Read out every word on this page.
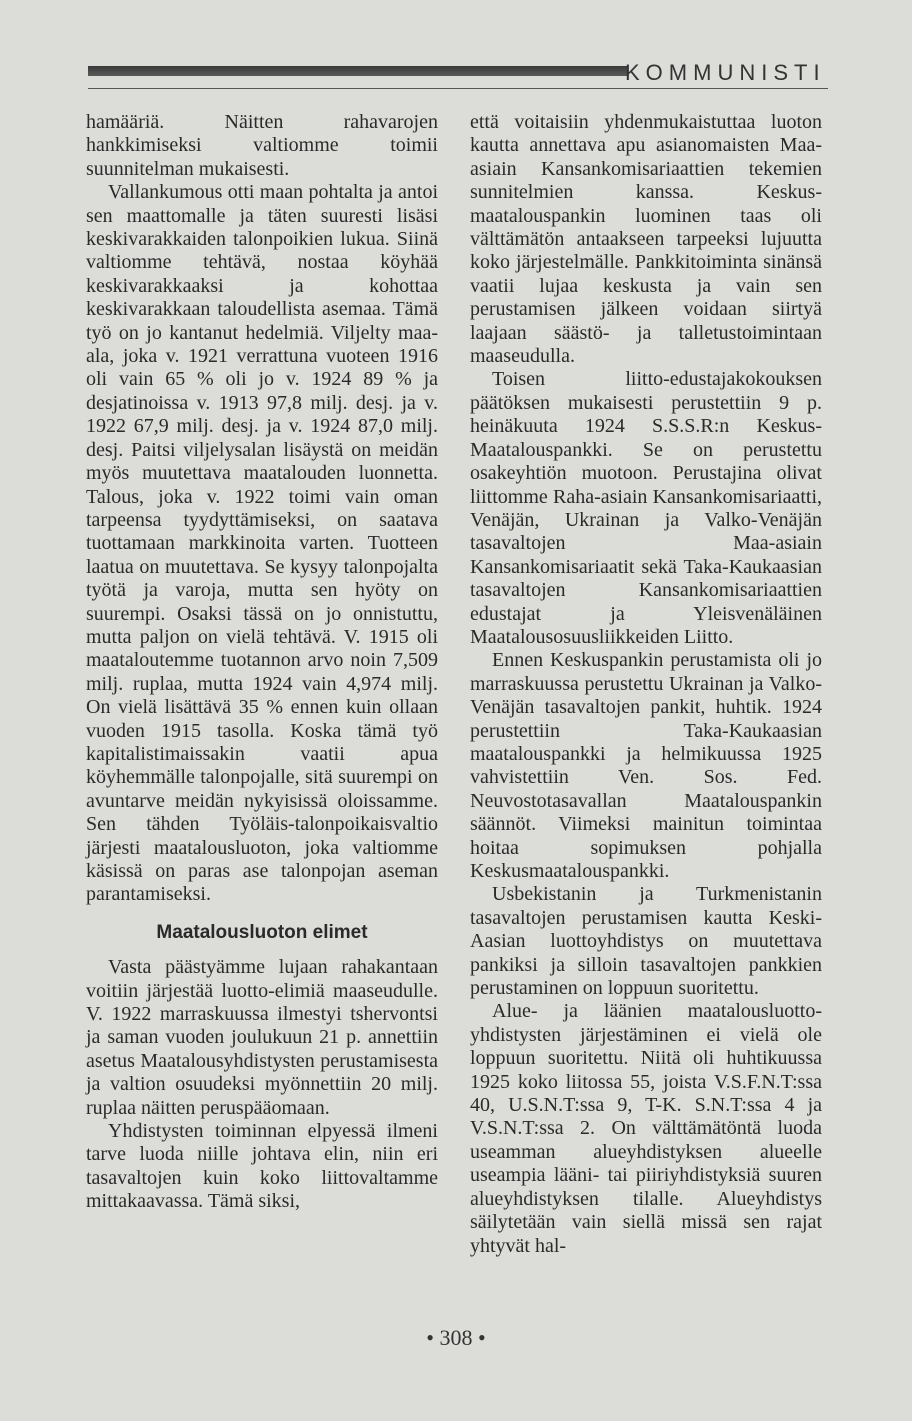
KOMMUNISTI

hamääriä. Näitten rahavarojen hankkimiseksi valtiomme toimii suunnitelman mukaisesti.

Vallankumous otti maan pohtalta ja antoi sen maattomalle ja täten suuresti lisäsi keskivarakkaiden talonpoikien lukua. Siinä valtiomme tehtävä, nostaa köyhää keskivarakkaaksi ja kohottaa keskivarakkaan taloudellista asemaa. Tämä työ on jo kantanut hedelmiä. Viljelty maa-ala, joka v. 1921 verrattuna vuoteen 1916 oli vain 65 % oli jo v. 1924 89 % ja desjatinoissa v. 1913 97,8 milj. desj. ja v. 1922 67,9 milj. desj. ja v. 1924 87,0 milj. desj. Paitsi viljelysalan lisäystä on meidän myös muutettava maatalouden luonnetta. Talous, joka v. 1922 toimi vain oman tarpeensa tyydyttämiseksi, on saatava tuottamaan markkinoita varten. Tuotteen laatua on muutettava. Se kysyy talonpojalta työtä ja varoja, mutta sen hyöty on suurempi. Osaksi tässä on jo onnistuttu, mutta paljon on vielä tehtävä. V. 1915 oli maataloutemme tuotannon arvo noin 7,509 milj. ruplaa, mutta 1924 vain 4,974 milj. On vielä lisättävä 35 % ennen kuin ollaan vuoden 1915 tasolla. Koska tämä työ kapitalistimaissakin vaatii apua köyhemmälle talonpojalle, sitä suurempi on avuntarve meidän nykyisissä oloissamme. Sen tähden Työläis-talonpoikaisvaltio järjesti maatalousluoton, joka valtiomme käsissä on paras ase talonpojan aseman parantamiseksi.

Maatalousluoton elimet

Vasta päästyämme lujaan rahakantaan voitiin järjestää luotto-elimiä maaseudulle. V. 1922 marraskuussa ilmestyi tshervontsi ja saman vuoden joulukuun 21 p. annettiin asetus Maatalousyhdistysten perustamisesta ja valtion osuudeksi myönnettiin 20 milj. ruplaa näitten peruspääomaan.

Yhdistysten toiminnan elpyessä ilmeni tarve luoda niille johtava elin, niin eri tasavaltojen kuin koko liittovaltamme mittakaavassa. Tämä siksi,

että voitaisiin yhdenmukaistuttaa luoton kautta annettava apu asianomaisten Maa-asiain Kansankomisariaattien tekemien sunnitelmien kanssa. Keskus-maatalouspankin luominen taas oli välttämätön antaakseen tarpeeksi lujuutta koko järjestelmälle. Pankkitoiminta sinänsä vaatii lujaa keskusta ja vain sen perustamisen jälkeen voidaan siirtyä laajaan säästö- ja talletustoimintaan maaseudulla.

Toisen liitto-edustajakokouksen päätöksen mukaisesti perustettiin 9 p. heinäkuuta 1924 S.S.S.R:n Keskus-Maatalouspankki. Se on perustettu osakeyhtiön muotoon. Perustajina olivat liittomme Raha-asiain Kansankomisariaatti, Venäjän, Ukrainan ja Valko-Venäjän tasavaltojen Maa-asiain Kansankomisariaatit sekä Taka-Kaukaasian tasavaltojen Kansankomisariaattien edustajat ja Yleisvenäläinen Maatalousosuusliikkeiden Liitto.

Ennen Keskuspankin perustamista oli jo marraskuussa perustettu Ukrainan ja Valko-Venäjän tasavaltojen pankit, huhtik. 1924 perustettiin Taka-Kaukaasian maatalouspankki ja helmikuussa 1925 vahvistettiin Ven. Sos. Fed. Neuvostotasavallan Maatalouspankin säännöt. Viimeksi mainitun toimintaa hoitaa sopimuksen pohjalla Keskusmaatalouspankki.

Usbekistanin ja Turkmenistanin tasavaltojen perustamisen kautta Keski-Aasian luottoyhdistys on muutettava pankiksi ja silloin tasavaltojen pankkien perustaminen on loppuun suoritettu.

Alue- ja läänien maatalousluotto-yhdistysten järjestäminen ei vielä ole loppuun suoritettu. Niitä oli huhtikuussa 1925 koko liitossa 55, joista V.S.F.N.T:ssa 40, U.S.N.T:ssa 9, T-K. S.N.T:ssa 4 ja V.S.N.T:ssa 2. On välttämätöntä luoda useamman alueyhdistyksen alueelle useampia lääni- tai piiriyhdistyksiä suuren alueyhdistyksen tilalle. Alueyhdistys säilytetään vain siellä missä sen rajat yhtyvät hal-

• 308 •
